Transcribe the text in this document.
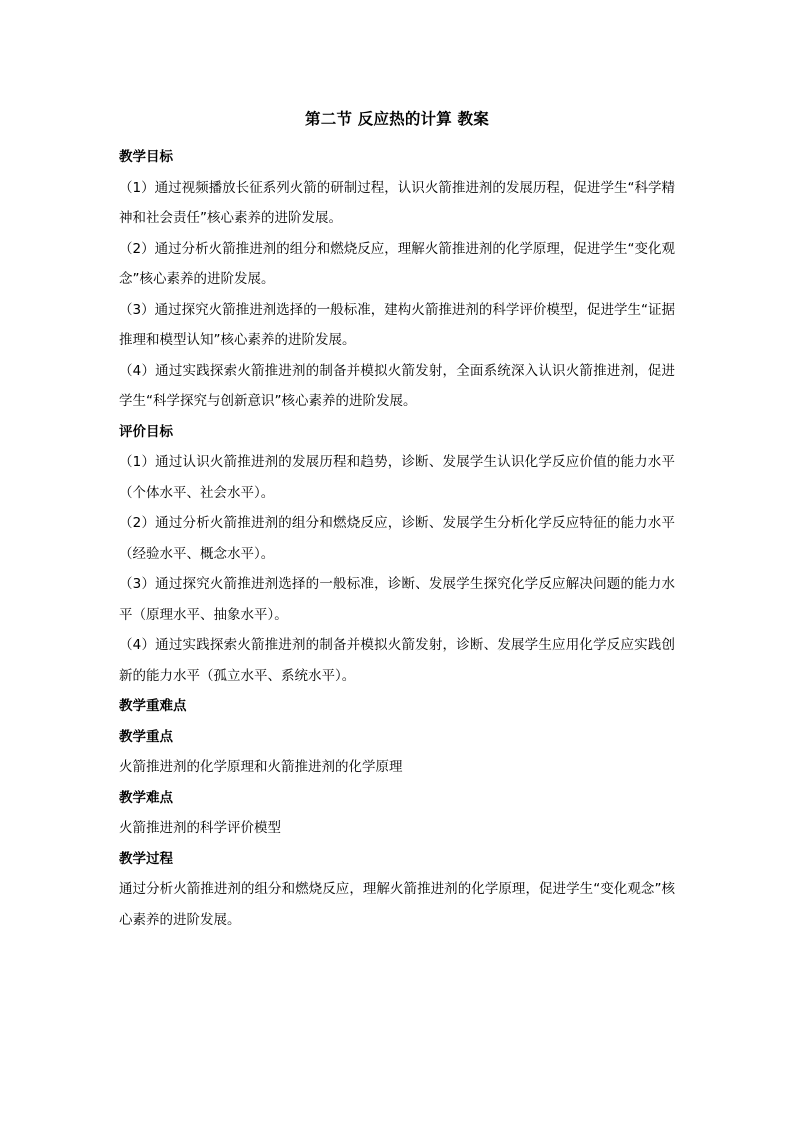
第二节 反应热的计算 教案
教学目标
（1）通过视频播放长征系列火箭的研制过程，认识火箭推进剂的发展历程，促进学生“科学精神和社会责任”核心素养的进阶发展。
（2）通过分析火箭推进剂的组分和燃烧反应，理解火箭推进剂的化学原理，促进学生“变化观念”核心素养的进阶发展。
（3）通过探究火箭推进剂选择的一般标准，建构火箭推进剂的科学评价模型，促进学生“证据推理和模型认知”核心素养的进阶发展。
（4）通过实践探索火箭推进剂的制备并模拟火箭发射，全面系统深入认识火箭推进剂，促进学生“科学探究与创新意识”核心素养的进阶发展。
评价目标
（1）通过认识火箭推进剂的发展历程和趋势，诊断、发展学生认识化学反应价值的能力水平（个体水平、社会水平）。
（2）通过分析火箭推进剂的组分和燃烧反应，诊断、发展学生分析化学反应特征的能力水平（经验水平、概念水平）。
（3）通过探究火箭推进剂选择的一般标准，诊断、发展学生探究化学反应解决问题的能力水平（原理水平、抽象水平）。
（4）通过实践探索火箭推进剂的制备并模拟火箭发射，诊断、发展学生应用化学反应实践创新的能力水平（孤立水平、系统水平）。
教学重难点
教学重点
火箭推进剂的化学原理和火箭推进剂的化学原理
教学难点
火箭推进剂的科学评价模型
教学过程
通过分析火箭推进剂的组分和燃烧反应，理解火箭推进剂的化学原理，促进学生“变化观念”核心素养的进阶发展。
